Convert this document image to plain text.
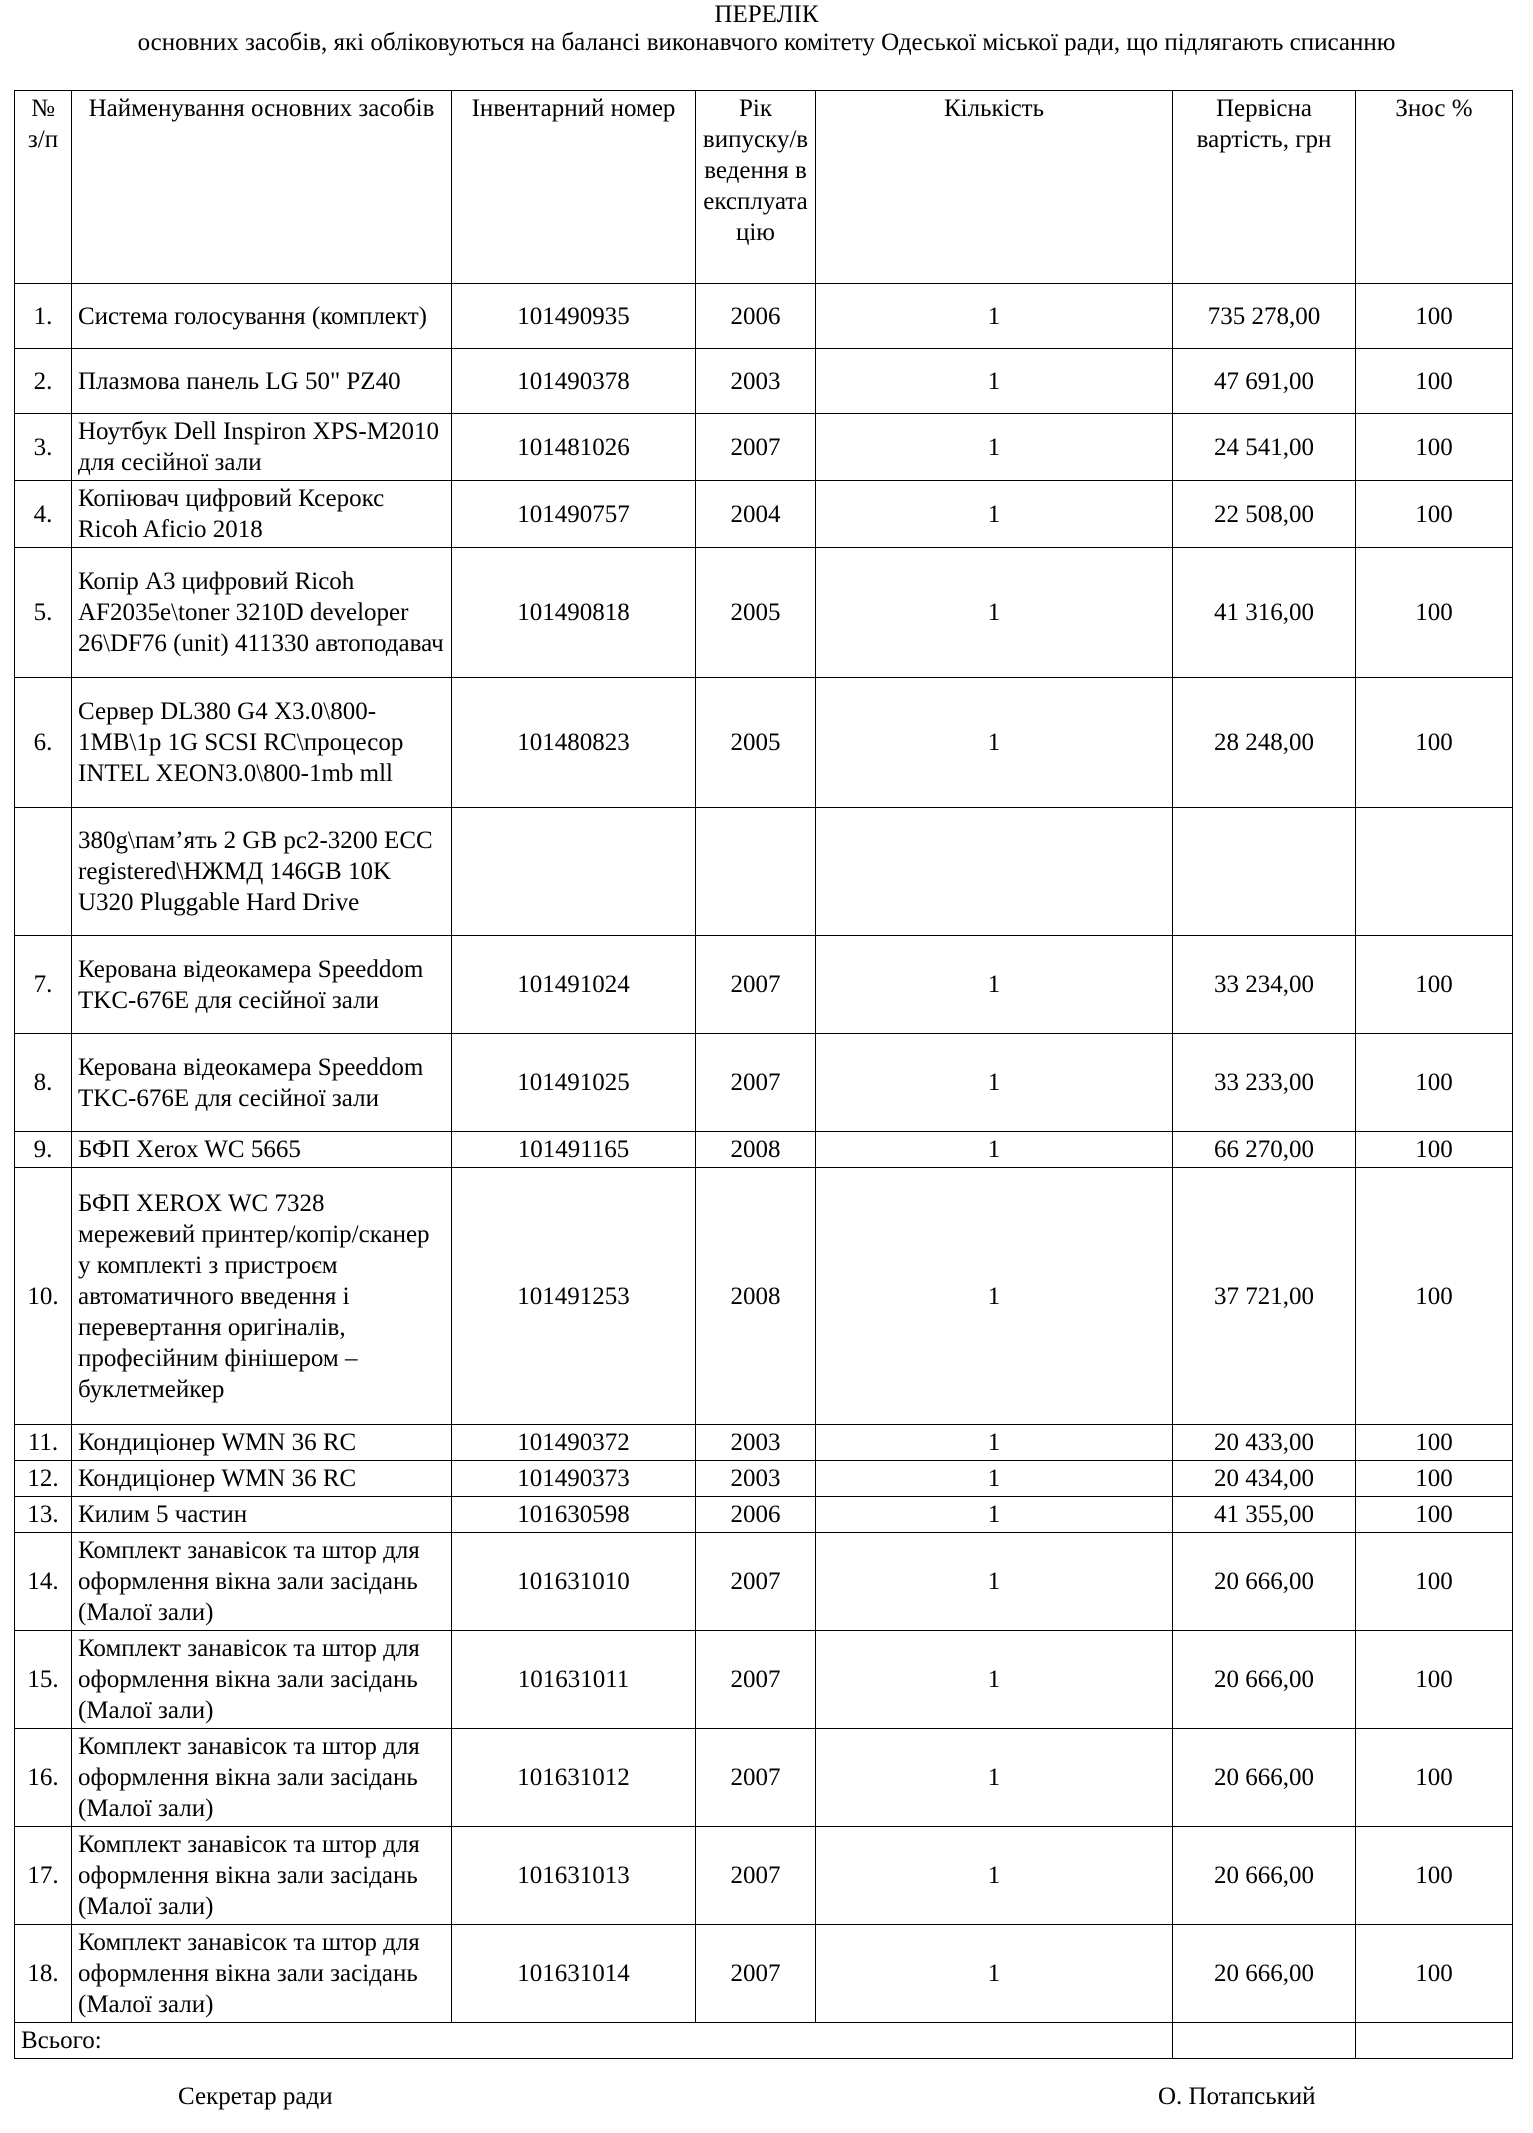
ПЕРЕЛІК
основних засобів, які обліковуються на балансі виконавчого комітету Одеської міської ради, що підлягають списанню
№ з/п	Найменування основних засобів	Інвентарний номер	Рік випуску/в ведення в експлуата цію	Кількість	Первісна вартість, грн	Знос %
1.	Система голосування (комплект)	101490935	2006	1	735 278,00	100
2.	Плазмова панель LG 50" PZ40	101490378	2003	1	47 691,00	100
3.	Ноутбук Dell Inspiron XPS-M2010 для сесійної зали	101481026	2007	1	24 541,00	100
4.	Копіювач цифровий Ксерокс Ricoh Aficio 2018	101490757	2004	1	22 508,00	100
5.	Копір А3 цифровий Ricoh AF2035e\toner 3210D developer 26\DF76 (unit) 411330 автоподавач	101490818	2005	1	41 316,00	100
6.	Сервер DL380 G4 X3.0\800-1MB\1p 1G SCSI RC\процесор INTEL XEON3.0\800-1mb mll	101480823	2005	1	28 248,00	100
	380g\пам’ять 2 GB pc2-3200 ECC registered\НЖМД 146GB 10K U320 Pluggable Hard Drive					
7.	Керована відеокамера Speeddom TKC-676E для сесійної зали	101491024	2007	1	33 234,00	100
8.	Керована відеокамера Speeddom TKC-676E для сесійної зали	101491025	2007	1	33 233,00	100
9.	БФП Xerox WC 5665	101491165	2008	1	66 270,00	100
10.	БФП XEROX WC 7328 мережевий принтер/копір/сканер у комплекті з пристроєм автоматичного введення і перевертання оригіналів, професійним фінішером – буклетмейкер	101491253	2008	1	37 721,00	100
11.	Кондиціонер WMN 36 RC	101490372	2003	1	20 433,00	100
12.	Кондиціонер WMN 36 RC	101490373	2003	1	20 434,00	100
13.	Килим 5 частин	101630598	2006	1	41 355,00	100
14.	Комплект занавісок та штор для оформлення вікна зали засідань (Малої зали)	101631010	2007	1	20 666,00	100
15.	Комплект занавісок та штор для оформлення вікна зали засідань (Малої зали)	101631011	2007	1	20 666,00	100
16.	Комплект занавісок та штор для оформлення вікна зали засідань (Малої зали)	101631012	2007	1	20 666,00	100
17.	Комплект занавісок та штор для оформлення вікна зали засідань (Малої зали)	101631013	2007	1	20 666,00	100
18.	Комплект занавісок та штор для оформлення вікна зали засідань (Малої зали)	101631014	2007	1	20 666,00	100
Всього:						
Секретар ради	О. Потапський
